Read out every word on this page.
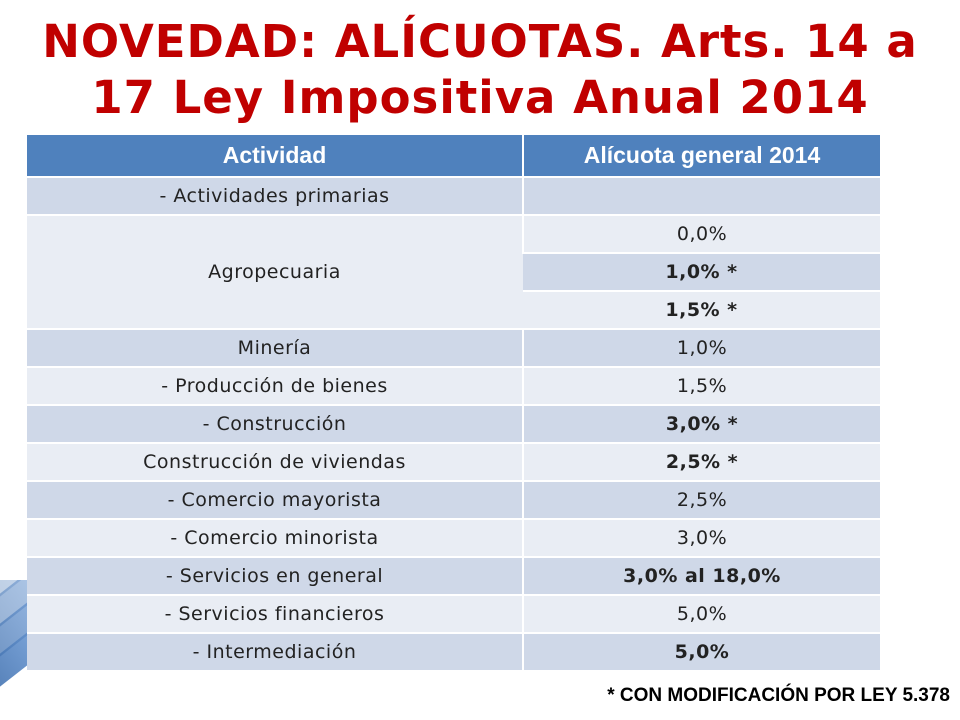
NOVEDAD: ALÍCUOTAS. Arts. 14 a
17 Ley Impositiva Anual 2014
Actividad	Alícuota general 2014
- Actividades primarias	
Agropecuaria	0,0%
	1,0% *
	1,5% *
Minería	1,0%
- Producción de bienes	1,5%
- Construcción	3,0% *
Construcción de viviendas	2,5% *
- Comercio mayorista	2,5%
- Comercio minorista	3,0%
- Servicios en general	3,0% al 18,0%
- Servicios financieros	5,0%
- Intermediación	5,0%

* CON MODIFICACIÓN POR LEY 5.378
